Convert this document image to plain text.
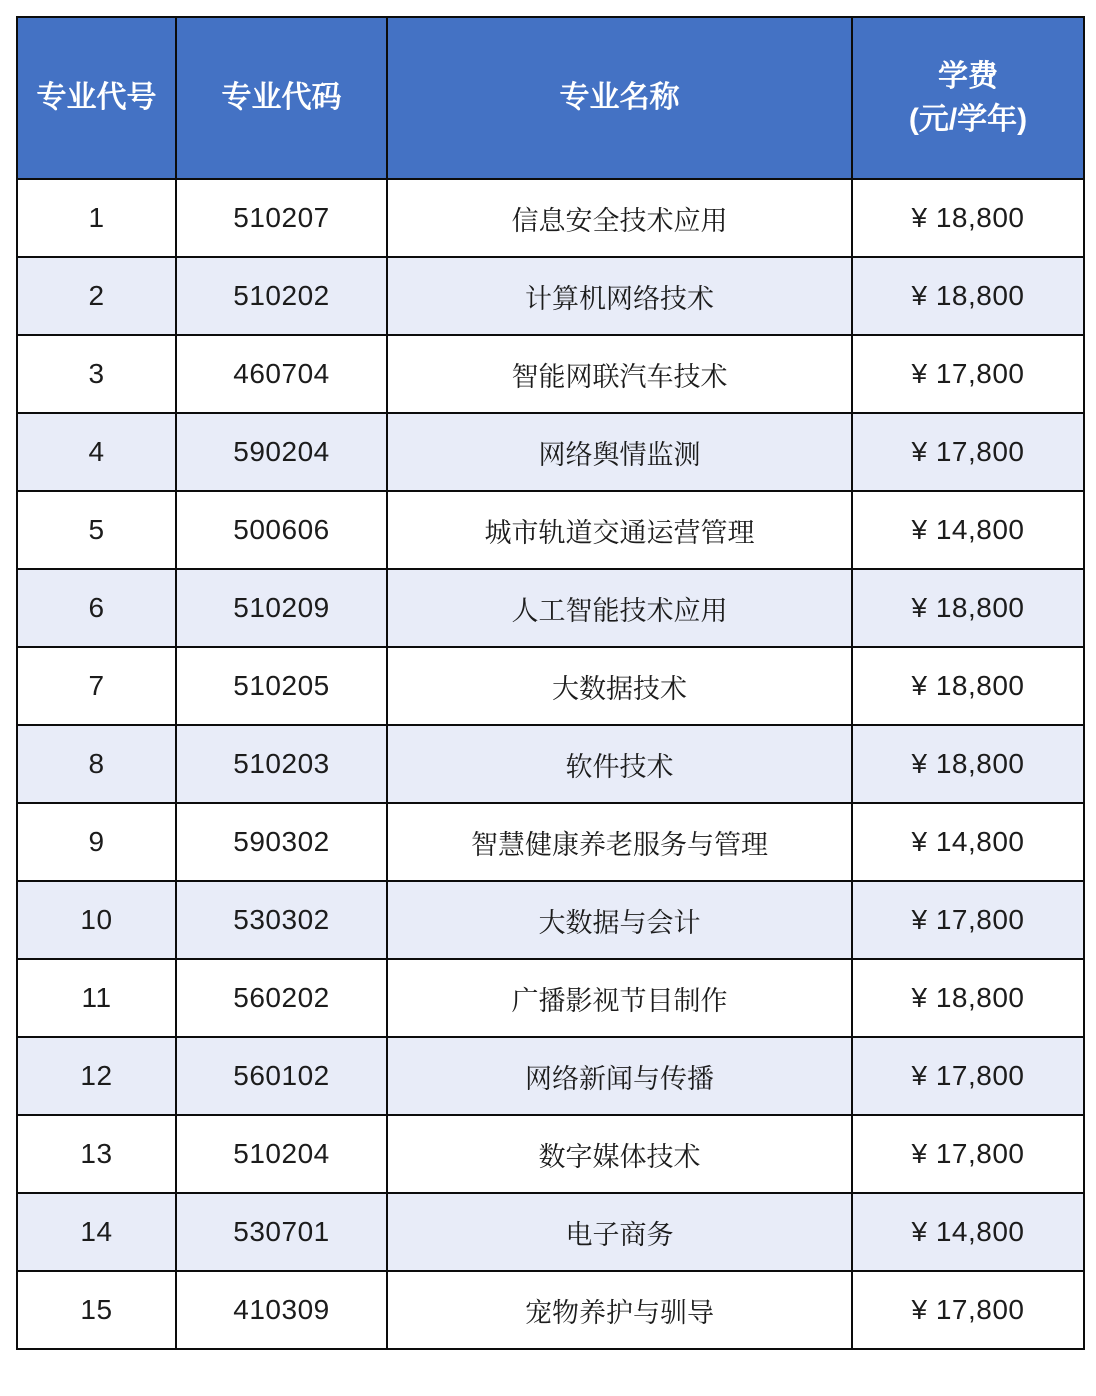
专业代号	专业代码	专业名称	学费
(元/学年)

1	510207	信息安全技术应用	¥ 18,800
2	510202	计算机网络技术	¥ 18,800
3	460704	智能网联汽车技术	¥ 17,800
4	590204	网络舆情监测	¥ 17,800
5	500606	城市轨道交通运营管理	¥ 14,800
6	510209	人工智能技术应用	¥ 18,800
7	510205	大数据技术	¥ 18,800
8	510203	软件技术	¥ 18,800
9	590302	智慧健康养老服务与管理	¥ 14,800
10	530302	大数据与会计	¥ 17,800
11	560202	广播影视节目制作	¥ 18,800
12	560102	网络新闻与传播	¥ 17,800
13	510204	数字媒体技术	¥ 17,800
14	530701	电子商务	¥ 14,800
15	410309	宠物养护与驯导	¥ 17,800
